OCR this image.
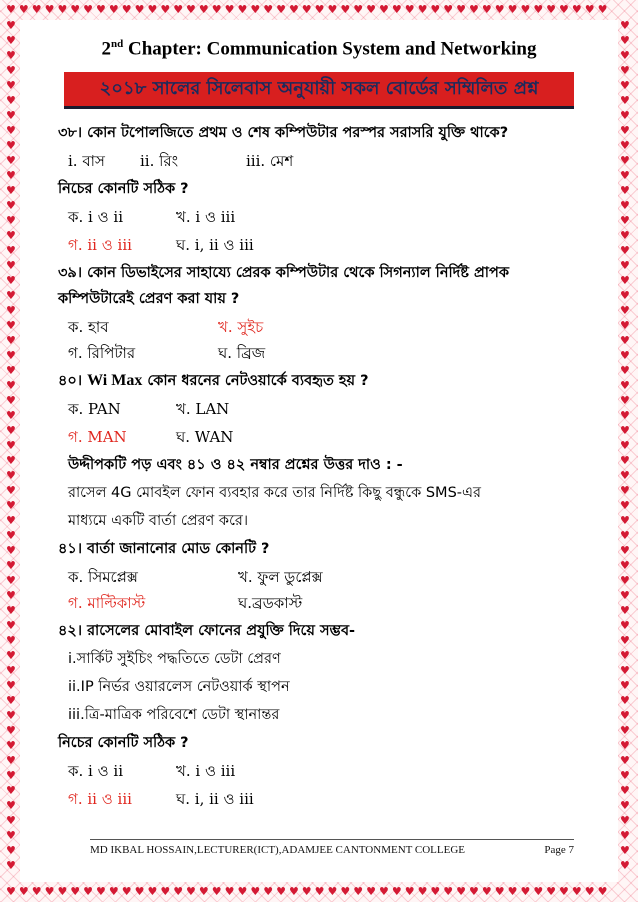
♥♥♥♥♥♥♥♥♥♥♥♥♥♥♥♥♥♥♥♥♥♥♥♥♥♥♥♥♥♥♥♥♥♥♥♥♥♥♥♥♥♥♥♥♥♥♥
♥♥♥♥♥♥♥♥♥♥♥♥♥♥♥♥♥♥♥♥♥♥♥♥♥♥♥♥♥♥♥♥♥♥♥♥♥♥♥♥♥♥♥♥♥♥♥
♥♥♥♥♥♥♥♥♥♥♥♥♥♥♥♥♥♥♥♥♥♥♥♥♥♥♥♥♥♥♥♥♥♥♥♥♥♥♥♥♥♥♥♥♥♥♥♥♥♥♥♥♥♥♥♥♥
♥♥♥♥♥♥♥♥♥♥♥♥♥♥♥♥♥♥♥♥♥♥♥♥♥♥♥♥♥♥♥♥♥♥♥♥♥♥♥♥♥♥♥♥♥♥♥♥♥♥♥♥♥♥♥♥♥
2nd Chapter: Communication System and Networking
২০১৮ সালের সিলেবাস অনুযায়ী সকল বোর্ডের সম্মিলিত প্রশ্ন
৩৮। কোন টপোলজিতে প্রথম ও শেষ কম্পিউটার পরস্পর সরাসরি যুক্তি থাকে?
i. বাস ii. রিং	iii. মেশ
নিচের কোনটি সঠিক ?
ক. i ও ii	খ. i ও iii
গ. ii ও iii	ঘ. i, ii ও iii
৩৯। কোন ডিভাইসের সাহায্যে প্রেরক কম্পিউটার থেকে সিগন্যাল নির্দিষ্ট প্রাপক
কম্পিউটারেই প্রেরণ করা যায় ?
ক. হাব	খ. সুইচ
গ. রিপিটার	ঘ. ব্রিজ
৪০। Wi Max কোন ধরনের নেটওয়ার্কে ব্যবহৃত হয় ?
ক. PAN	খ. LAN
গ. MAN	ঘ. WAN
উদ্দীপকটি পড় এবং ৪১ ও ৪২ নম্বার প্রশ্নের উত্তর দাও : -
রাসেল 4G মোবইল ফোন ব্যবহার করে তার নির্দিষ্ট কিছু বন্ধুকে SMS-এর
মাধ্যমে একটি বার্তা প্রেরণ করে।
৪১। বার্তা জানানোর মোড কোনটি ?
ক. সিমপ্লেক্স	খ. ফুল ডুপ্লেক্স
গ. মাল্টিকাস্ট	ঘ.ব্রডকাস্ট
৪২। রাসেলের মোবাইল ফোনের প্রযুক্তি দিয়ে সম্ভব-
i.সার্কিট সুইচিং পদ্ধতিতে ডেটা প্রেরণ
ii.IP নির্ভর ওয়ারলেস নেটওয়ার্ক স্থাপন
iii.ত্রি-মাত্রিক পরিবেশে ডেটা স্থানান্তর
নিচের কোনটি সঠিক ?
ক. i ও ii	খ. i ও iii
গ. ii ও iii	ঘ. i, ii ও iii
MD IKBAL HOSSAIN,LECTURER(ICT),ADAMJEE CANTONMENT COLLEGE	Page 7
